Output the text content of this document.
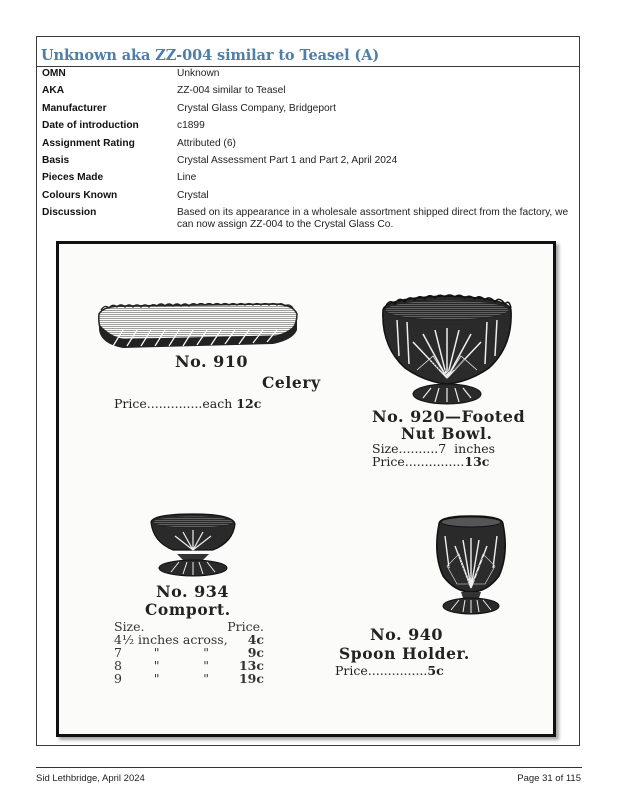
Unknown aka ZZ-004 similar to Teasel (A)
OMN	Unknown
AKA	ZZ-004 similar to Teasel
Manufacturer	Crystal Glass Company, Bridgeport
Date of introduction	c1899
Assignment Rating	Attributed (6)
Basis	Crystal Assessment Part 1 and Part 2, April 2024
Pieces Made	Line
Colours Known	Crystal
Discussion	Based on its appearance in a wholesale assortment shipped direct from the factory, we can now assign ZZ-004 to the Crystal Glass Co.
No. 910
Celery
Price..............each 12c
No. 920—Footed
Nut Bowl.
Size..........7  inches
Price...............13c
No. 934
Comport.
Size.	Price.
4½ inches across,	4c
7        "           "	9c
8        "           "	13c
9        "           "	19c
No. 940
Spoon Holder.
Price...............5c
Sid Lethbridge, April 2024	Page 31 of 115
